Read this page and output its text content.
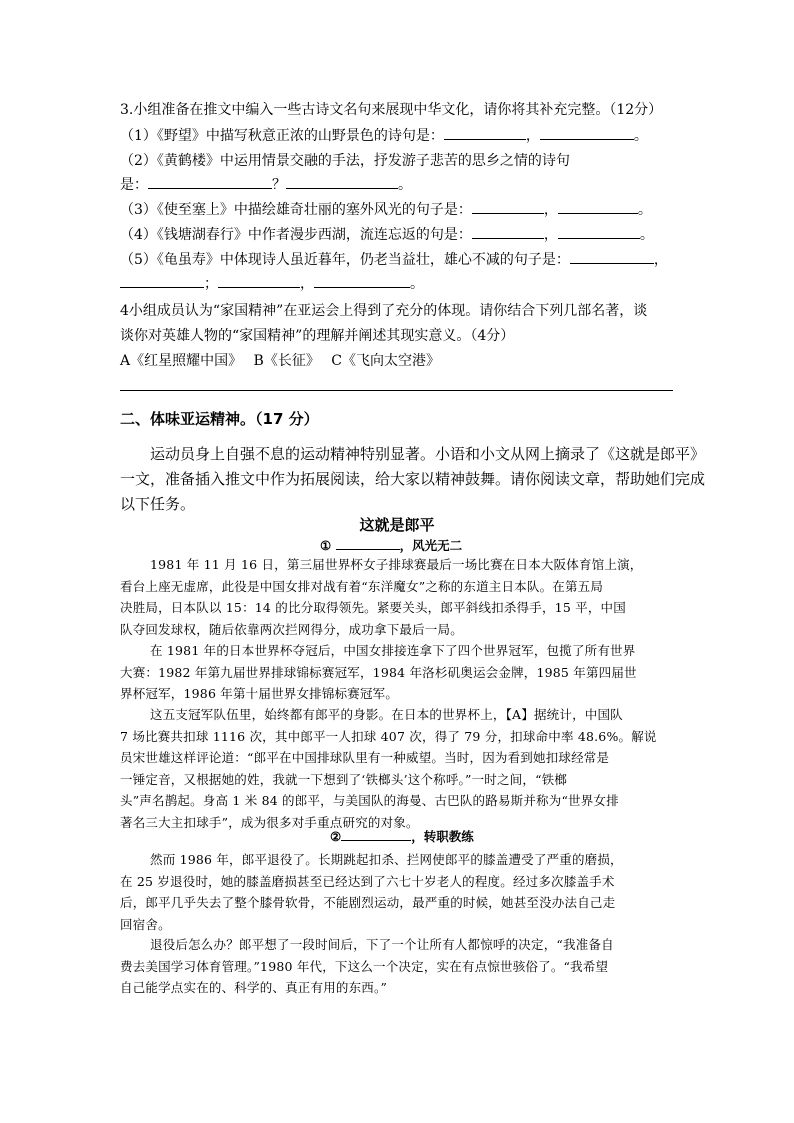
3.小组准备在推文中编入一些古诗文名句来展现中华文化，请你将其补充完整。（12分）
（1）《野望》中描写秋意正浓的山野景色的诗句是：	，	。
（2）《黄鹤楼》中运用情景交融的手法，抒发游子悲苦的思乡之情的诗句
是：	？	。
（3）《使至塞上》中描绘雄奇壮丽的塞外风光的句子是：	，	。
（4）《钱塘湖春行》中作者漫步西湖，流连忘返的句是：	，	。
（5）《龟虽寿》中体现诗人虽近暮年，仍老当益壮，雄心不减的句子是：	，
；	，	。
4小组成员认为“家国精神”在亚运会上得到了充分的体现。请你结合下列几部名著，谈
谈你对英雄人物的“家国精神”的理解并阐述其现实意义。（4分）
A《红星照耀中国》　 B《长征》　 C《飞向太空港》
二、体味亚运精神。（17 分）
运动员身上自强不息的运动精神特别显著。小语和小文从网上摘录了《这就是郎平》
一文，准备插入推文中作为拓展阅读，给大家以精神鼓舞。请你阅读文章，帮助她们完成
以下任务。
这就是郎平
①	，风光无二
1981 年 11 月 16 日，第三届世界杯女子排球赛最后一场比赛在日本大阪体育馆上演，
看台上座无虚席，此役是中国女排对战有着“东洋魔女”之称的东道主日本队。在第五局
决胜局，日本队以 15：14 的比分取得领先。紧要关头，郎平斜线扣杀得手，15 平，中国
队夺回发球权，随后依靠两次拦网得分，成功拿下最后一局。
在 1981 年的日本世界杯夺冠后，中国女排接连拿下了四个世界冠军，包揽了所有世界
大赛：1982 年第九届世界排球锦标赛冠军，1984 年洛杉矶奥运会金牌，1985 年第四届世
界杯冠军，1986 年第十届世界女排锦标赛冠军。
这五支冠军队伍里，始终都有郎平的身影。在日本的世界杯上，【A】据统计，中国队
7 场比赛共扣球 1116 次，其中郎平一人扣球 407 次，得了 79 分，扣球命中率 48.6%。解说
员宋世雄这样评论道：“郎平在中国排球队里有一种威望。当时，因为看到她扣球经常是
一锤定音，又根据她的姓，我就一下想到了‘铁榔头’这个称呼。”一时之间，“铁榔
头”声名鹊起。身高 1 米 84 的郎平，与美国队的海曼、古巴队的路易斯并称为“世界女排
著名三大主扣球手”，成为很多对手重点研究的对象。
②	，转职教练
然而 1986 年，郎平退役了。长期跳起扣杀、拦网使郎平的膝盖遭受了严重的磨损，
在 25 岁退役时，她的膝盖磨损甚至已经达到了六七十岁老人的程度。经过多次膝盖手术
后，郎平几乎失去了整个膝骨软骨，不能剧烈运动，最严重的时候，她甚至没办法自己走
回宿舍。
退役后怎么办？郎平想了一段时间后，下了一个让所有人都惊呼的决定，“我准备自
费去美国学习体育管理。”1980 年代，下这么一个决定，实在有点惊世骇俗了。“我希望
自己能学点实在的、科学的、真正有用的东西。”
